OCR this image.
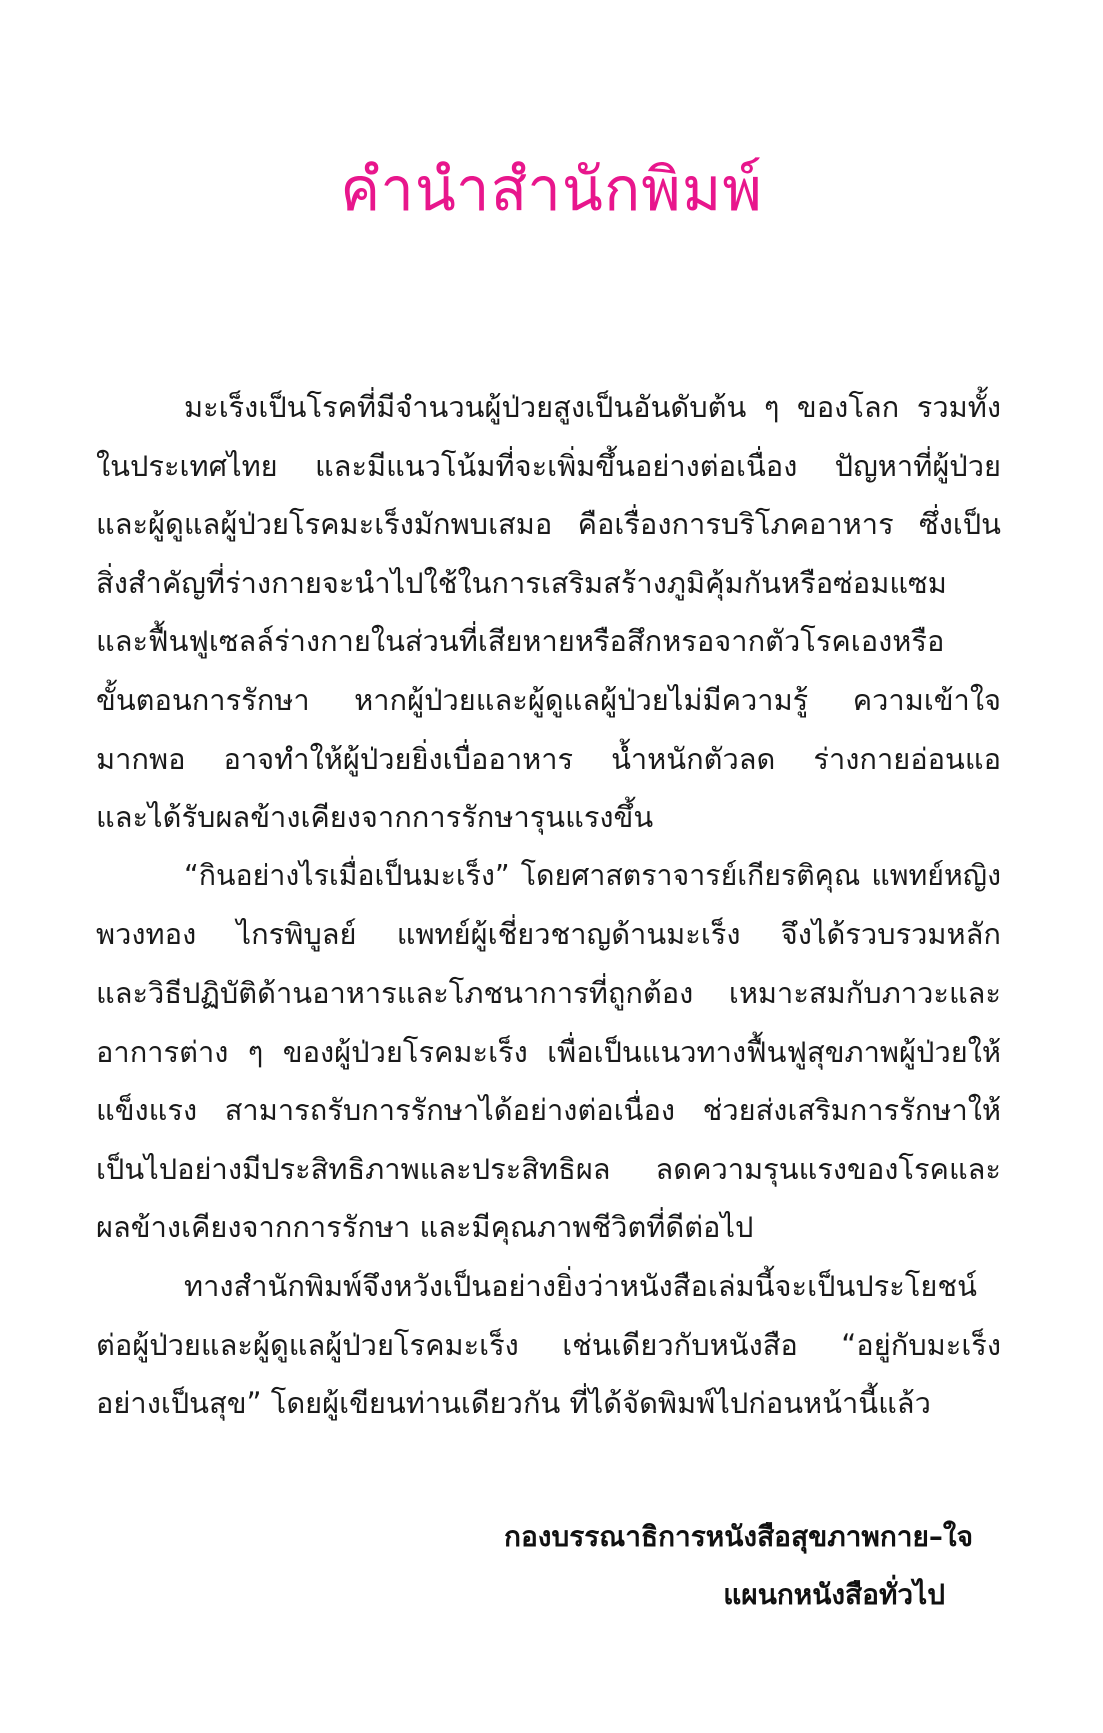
คำนำสำนักพิมพ์
มะเร็งเป็นโรคที่มีจำนวนผู้ป่วยสูงเป็นอันดับต้น ๆ ของโลก รวมทั้ง
ในประเทศไทย และมีแนวโน้มที่จะเพิ่มขึ้นอย่างต่อเนื่อง ปัญหาที่ผู้ป่วย
และผู้ดูแลผู้ป่วยโรคมะเร็งมักพบเสมอ คือเรื่องการบริโภคอาหาร ซึ่งเป็น
สิ่งสำคัญที่ร่างกายจะนำไปใช้ในการเสริมสร้างภูมิคุ้มกันหรือซ่อมแซม
และฟื้นฟูเซลล์ร่างกายในส่วนที่เสียหายหรือสึกหรอจากตัวโรคเองหรือ
ขั้นตอนการรักษา หากผู้ป่วยและผู้ดูแลผู้ป่วยไม่มีความรู้ ความเข้าใจ
มากพอ อาจทำให้ผู้ป่วยยิ่งเบื่ออาหาร น้ำหนักตัวลด ร่างกายอ่อนแอ
และได้รับผลข้างเคียงจากการรักษารุนแรงขึ้น
“กินอย่างไรเมื่อเป็นมะเร็ง” โดยศาสตราจารย์เกียรติคุณ แพทย์หญิง
พวงทอง ไกรพิบูลย์ แพทย์ผู้เชี่ยวชาญด้านมะเร็ง จึงได้รวบรวมหลัก
และวิธีปฏิบัติด้านอาหารและโภชนาการที่ถูกต้อง เหมาะสมกับภาวะและ
อาการต่าง ๆ ของผู้ป่วยโรคมะเร็ง เพื่อเป็นแนวทางฟื้นฟูสุขภาพผู้ป่วยให้
แข็งแรง สามารถรับการรักษาได้อย่างต่อเนื่อง ช่วยส่งเสริมการรักษาให้
เป็นไปอย่างมีประสิทธิภาพและประสิทธิผล ลดความรุนแรงของโรคและ
ผลข้างเคียงจากการรักษา และมีคุณภาพชีวิตที่ดีต่อไป
ทางสำนักพิมพ์จึงหวังเป็นอย่างยิ่งว่าหนังสือเล่มนี้จะเป็นประโยชน์
ต่อผู้ป่วยและผู้ดูแลผู้ป่วยโรคมะเร็ง เช่นเดียวกับหนังสือ “อยู่กับมะเร็ง
อย่างเป็นสุข” โดยผู้เขียนท่านเดียวกัน ที่ได้จัดพิมพ์ไปก่อนหน้านี้แล้ว
กองบรรณาธิการหนังสือสุขภาพกาย–ใจ
แผนกหนังสือทั่วไป
